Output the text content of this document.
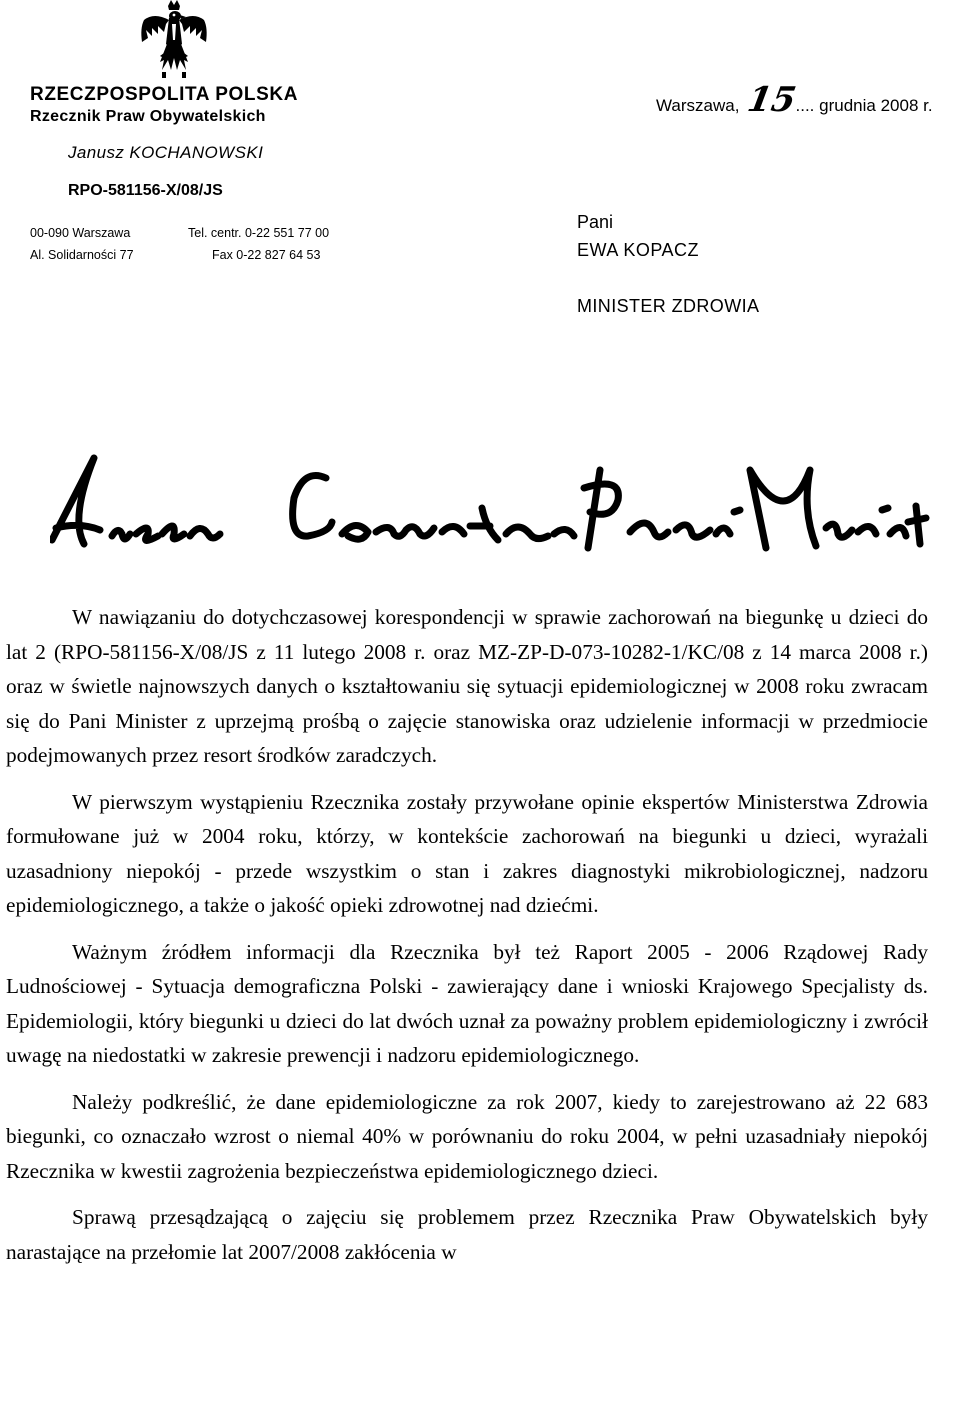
RZECZPOSPOLITA POLSKA
Rzecznik Praw Obywatelskich
Janusz KOCHANOWSKI
RPO-581156-X/08/JS
00-090 Warszawa
Al. Solidarności 77
Tel. centr. 0-22 551 77 00
Fax 0-22 827 64 53
Warszawa, 15.... grudnia 2008 r.
Pani
EWA KOPACZ
MINISTER ZDROWIA

W nawiązaniu do dotychczasowej korespondencji w sprawie zachorowań na biegunkę u dzieci do lat 2 (RPO-581156-X/08/JS z 11 lutego 2008 r. oraz MZ-ZP-D-073-10282-1/KC/08 z 14 marca 2008 r.) oraz w świetle najnowszych danych o kształtowaniu się sytuacji epidemiologicznej w 2008 roku zwracam się do Pani Minister z uprzejmą prośbą o zajęcie stanowiska oraz udzielenie informacji w przedmiocie podejmowanych przez resort środków zaradczych.

W pierwszym wystąpieniu Rzecznika zostały przywołane opinie ekspertów Ministerstwa Zdrowia formułowane już w 2004 roku, którzy, w kontekście zachorowań na biegunki u dzieci, wyrażali uzasadniony niepokój - przede wszystkim o stan i zakres diagnostyki mikrobiologicznej, nadzoru epidemiologicznego, a także o jakość opieki zdrowotnej nad dziećmi.

Ważnym źródłem informacji dla Rzecznika był też Raport 2005 - 2006 Rządowej Rady Ludnościowej - Sytuacja demograficzna Polski - zawierający dane i wnioski Krajowego Specjalisty ds. Epidemiologii, który biegunki u dzieci do lat dwóch uznał za poważny problem epidemiologiczny i zwrócił uwagę na niedostatki w zakresie prewencji i nadzoru epidemiologicznego.

Należy podkreślić, że dane epidemiologiczne za rok 2007, kiedy to zarejestrowano aż 22 683 biegunki, co oznaczało wzrost o niemal 40% w porównaniu do roku 2004, w pełni uzasadniały niepokój Rzecznika w kwestii zagrożenia bezpieczeństwa epidemiologicznego dzieci.

Sprawą przesądzającą o zajęciu się problemem przez Rzecznika Praw Obywatelskich były narastające na przełomie lat 2007/2008 zakłócenia w
